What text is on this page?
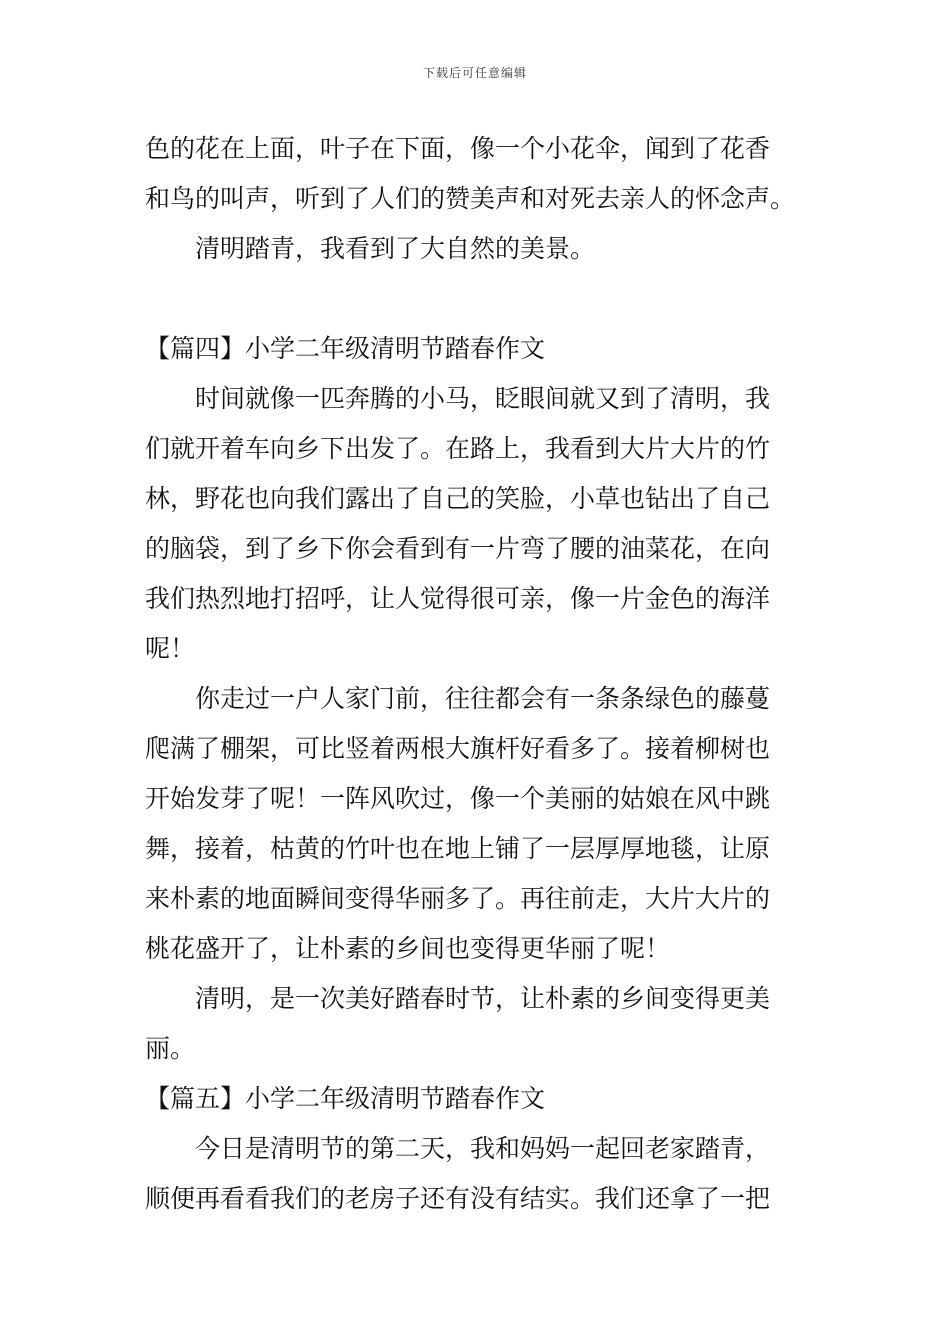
下载后可任意编辑
色的花在上面，叶子在下面，像一个小花伞，闻到了花香
和鸟的叫声，听到了人们的赞美声和对死去亲人的怀念声。
清明踏青，我看到了大自然的美景。
【篇四】小学二年级清明节踏春作文
时间就像一匹奔腾的小马，眨眼间就又到了清明，我
们就开着车向乡下出发了。在路上，我看到大片大片的竹
林，野花也向我们露出了自己的笑脸，小草也钻出了自己
的脑袋，到了乡下你会看到有一片弯了腰的油菜花，在向
我们热烈地打招呼，让人觉得很可亲，像一片金色的海洋
呢！
你走过一户人家门前，往往都会有一条条绿色的藤蔓
爬满了棚架，可比竖着两根大旗杆好看多了。接着柳树也
开始发芽了呢！一阵风吹过，像一个美丽的姑娘在风中跳
舞，接着，枯黄的竹叶也在地上铺了一层厚厚地毯，让原
来朴素的地面瞬间变得华丽多了。再往前走，大片大片的
桃花盛开了，让朴素的乡间也变得更华丽了呢！
清明，是一次美好踏春时节，让朴素的乡间变得更美
丽。
【篇五】小学二年级清明节踏春作文
今日是清明节的第二天，我和妈妈一起回老家踏青，
顺便再看看我们的老房子还有没有结实。我们还拿了一把
